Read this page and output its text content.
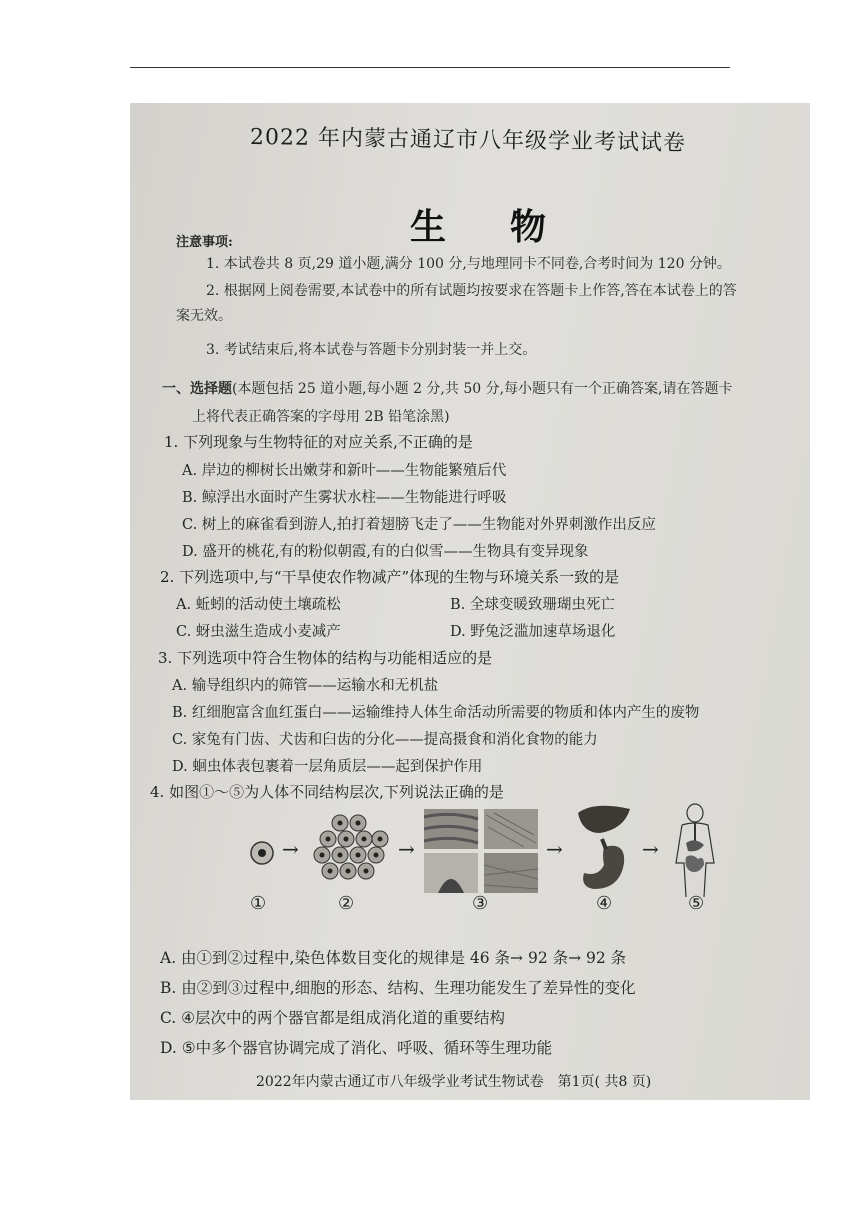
2022 年内蒙古通辽市八年级学业考试试卷
生 物
注意事项:
1. 本试卷共 8 页,29 道小题,满分 100 分,与地理同卡不同卷,合考时间为 120 分钟。
2. 根据网上阅卷需要,本试卷中的所有试题均按要求在答题卡上作答,答在本试卷上的答
案无效。
3. 考试结束后,将本试卷与答题卡分别封装一并上交。
一、选择题(本题包括 25 道小题,每小题 2 分,共 50 分,每小题只有一个正确答案,请在答题卡
上将代表正确答案的字母用 2B 铅笔涂黑)
1. 下列现象与生物特征的对应关系,不正确的是
A. 岸边的柳树长出嫩芽和新叶——生物能繁殖后代
B. 鲸浮出水面时产生雾状水柱——生物能进行呼吸
C. 树上的麻雀看到游人,拍打着翅膀飞走了——生物能对外界刺激作出反应
D. 盛开的桃花,有的粉似朝霞,有的白似雪——生物具有变异现象
2. 下列选项中,与“干旱使农作物减产”体现的生物与环境关系一致的是
A. 蚯蚓的活动使土壤疏松	B. 全球变暖致珊瑚虫死亡
C. 蚜虫滋生造成小麦减产	D. 野兔泛滥加速草场退化
3. 下列选项中符合生物体的结构与功能相适应的是
A. 输导组织内的筛管——运输水和无机盐
B. 红细胞富含血红蛋白——运输维持人体生命活动所需要的物质和体内产生的废物
C. 家兔有门齿、犬齿和臼齿的分化——提高摄食和消化食物的能力
D. 蛔虫体表包裹着一层角质层——起到保护作用
4. 如图①～⑤为人体不同结构层次,下列说法正确的是
→	→	→	→
①	②	③	④	⑤
A. 由①到②过程中,染色体数目变化的规律是 46 条→ 92 条→ 92 条
B. 由②到③过程中,细胞的形态、结构、生理功能发生了差异性的变化
C. ④层次中的两个器官都是组成消化道的重要结构
D. ⑤中多个器官协调完成了消化、呼吸、循环等生理功能
2022年内蒙古通辽市八年级学业考试生物试卷　第1页( 共8 页)
